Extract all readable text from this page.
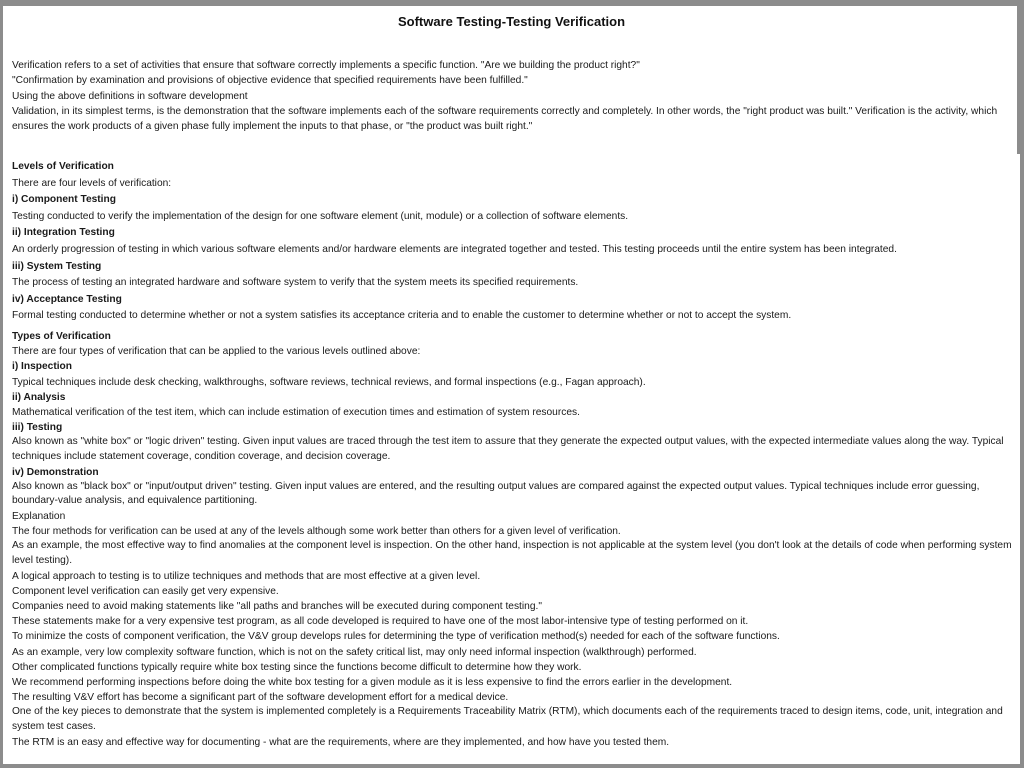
Software Testing-Testing Verification
Verification refers to a set of activities that ensure that software correctly implements a specific function. "Are we building the product right?"
"Confirmation by examination and provisions of objective evidence that specified requirements have been fulfilled."
Using the above definitions in software development
Validation, in its simplest terms, is the demonstration that the software implements each of the software requirements correctly and completely. In other words, the "right product was built." Verification is the activity, which ensures the work products of a given phase fully implement the inputs to that phase, or "the product was built right."
Levels of Verification
There are four levels of verification:
i) Component Testing
Testing conducted to verify the implementation of the design for one software element (unit, module) or a collection of software elements.
ii) Integration Testing
An orderly progression of testing in which various software elements and/or hardware elements are integrated together and tested. This testing proceeds until the entire system has been integrated.
iii) System Testing
The process of testing an integrated hardware and software system to verify that the system meets its specified requirements.
iv) Acceptance Testing
Formal testing conducted to determine whether or not a system satisfies its acceptance criteria and to enable the customer to determine whether or not to accept the system.
Types of Verification
There are four types of verification that can be applied to the various levels outlined above:
i) Inspection
Typical techniques include desk checking, walkthroughs, software reviews, technical reviews, and formal inspections (e.g., Fagan approach).
ii) Analysis
Mathematical verification of the test item, which can include estimation of execution times and estimation of system resources.
iii) Testing
Also known as "white box" or "logic driven" testing. Given input values are traced through the test item to assure that they generate the expected output values, with the expected intermediate values along the way. Typical techniques include statement coverage, condition coverage, and decision coverage.
iv) Demonstration
Also known as "black box" or "input/output driven" testing. Given input values are entered, and the resulting output values are compared against the expected output values. Typical techniques include error guessing, boundary-value analysis, and equivalence partitioning.
Explanation
The four methods for verification can be used at any of the levels although some work better than others for a given level of verification.
As an example, the most effective way to find anomalies at the component level is inspection. On the other hand, inspection is not applicable at the system level (you don't look at the details of code when performing system level testing).
A logical approach to testing is to utilize techniques and methods that are most effective at a given level.
Component level verification can easily get very expensive.
Companies need to avoid making statements like "all paths and branches will be executed during component testing."
These statements make for a very expensive test program, as all code developed is required to have one of the most labor-intensive type of testing performed on it.
To minimize the costs of component verification, the V&V group develops rules for determining the type of verification method(s) needed for each of the software functions.
As an example, very low complexity software function, which is not on the safety critical list, may only need informal inspection (walkthrough) performed.
Other complicated functions typically require white box testing since the functions become difficult to determine how they work.
We recommend performing inspections before doing the white box testing for a given module as it is less expensive to find the errors earlier in the development.
The resulting V&V effort has become a significant part of the software development effort for a medical device.
One of the key pieces to demonstrate that the system is implemented completely is a Requirements Traceability Matrix (RTM), which documents each of the requirements traced to design items, code, unit, integration and system test cases.
The RTM is an easy and effective way for documenting - what are the requirements, where are they implemented, and how have you tested them.
